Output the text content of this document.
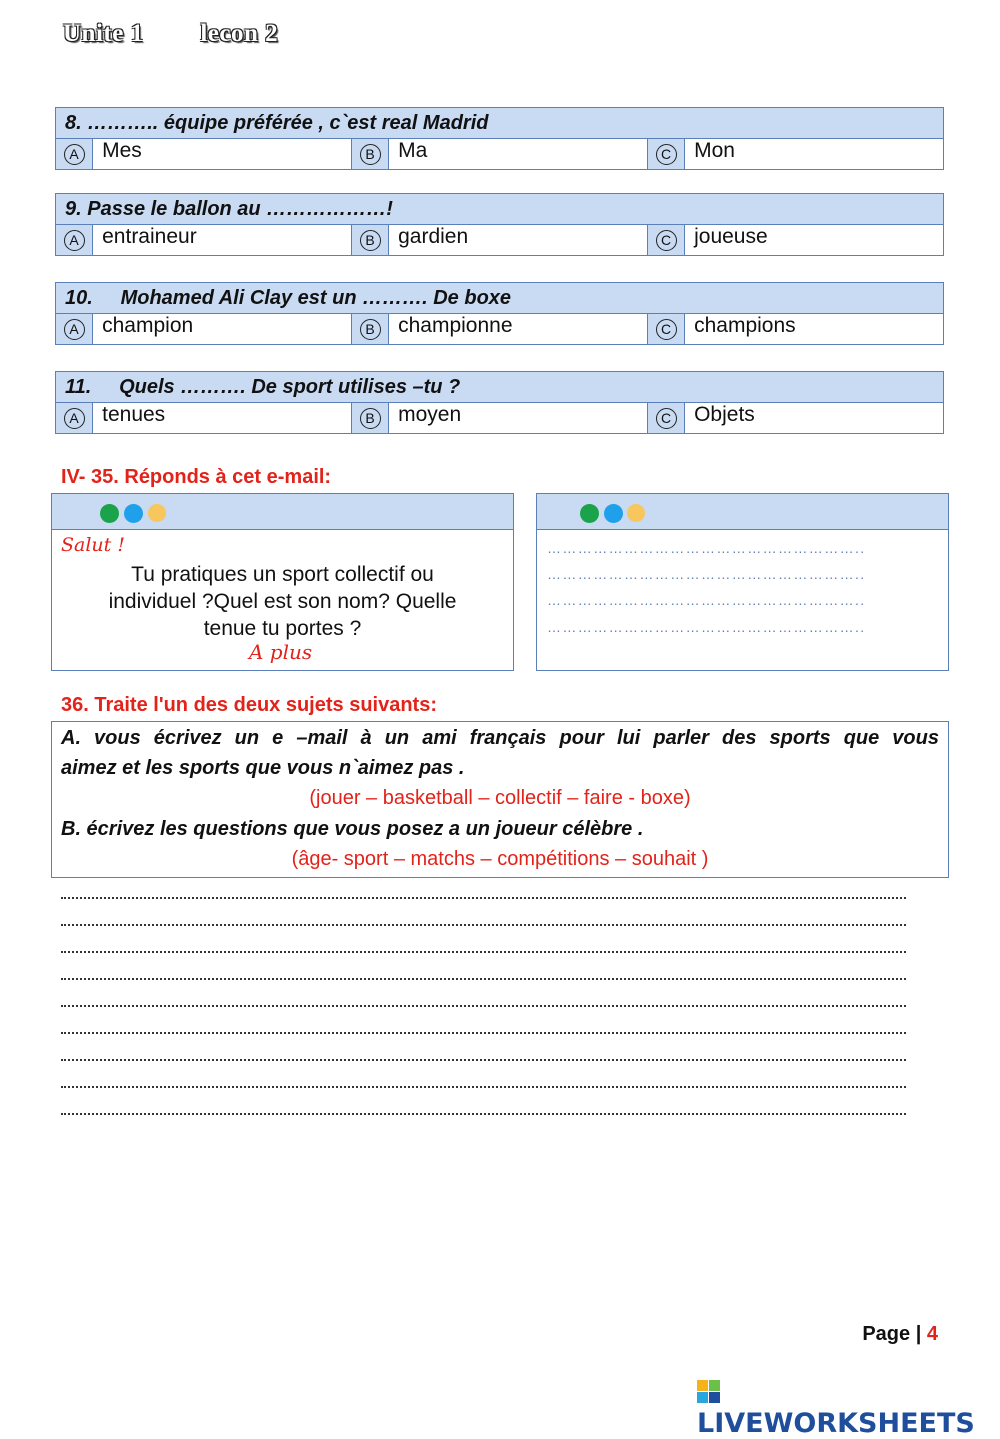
Unite 1 lecon 2
8. ……….. équipe préférée , c`est real Madrid
A	Mes	B	Ma	C	Mon
9. Passe le ballon au ………………!
A	entraineur	B	gardien	C	joueuse
10.     Mohamed Ali Clay est un ………. De boxe
A	champion	B	championne	C	champions
11.     Quels ………. De sport utilises –tu ?
A	tenues	B	moyen	C	Objets
IV- 35. Réponds à cet e-mail:
Salut !
Tu pratiques un sport collectif ou
individuel ?Quel est son nom? Quelle
tenue tu portes ?
A plus
……………………………………………………..
……………………………………………………..
……………………………………………………..
……………………………………………………..
36. Traite l'un des deux sujets suivants:
A. vous écrivez un e –mail à un ami français pour lui parler des sports que vous
aimez et les sports que vous n`aimez pas .
(jouer – basketball – collectif – faire - boxe)
B. écrivez les questions que vous posez a un joueur célèbre .
(âge- sport – matchs – compétitions – souhait )
Page | 4
LIVEWORKSHEETS
